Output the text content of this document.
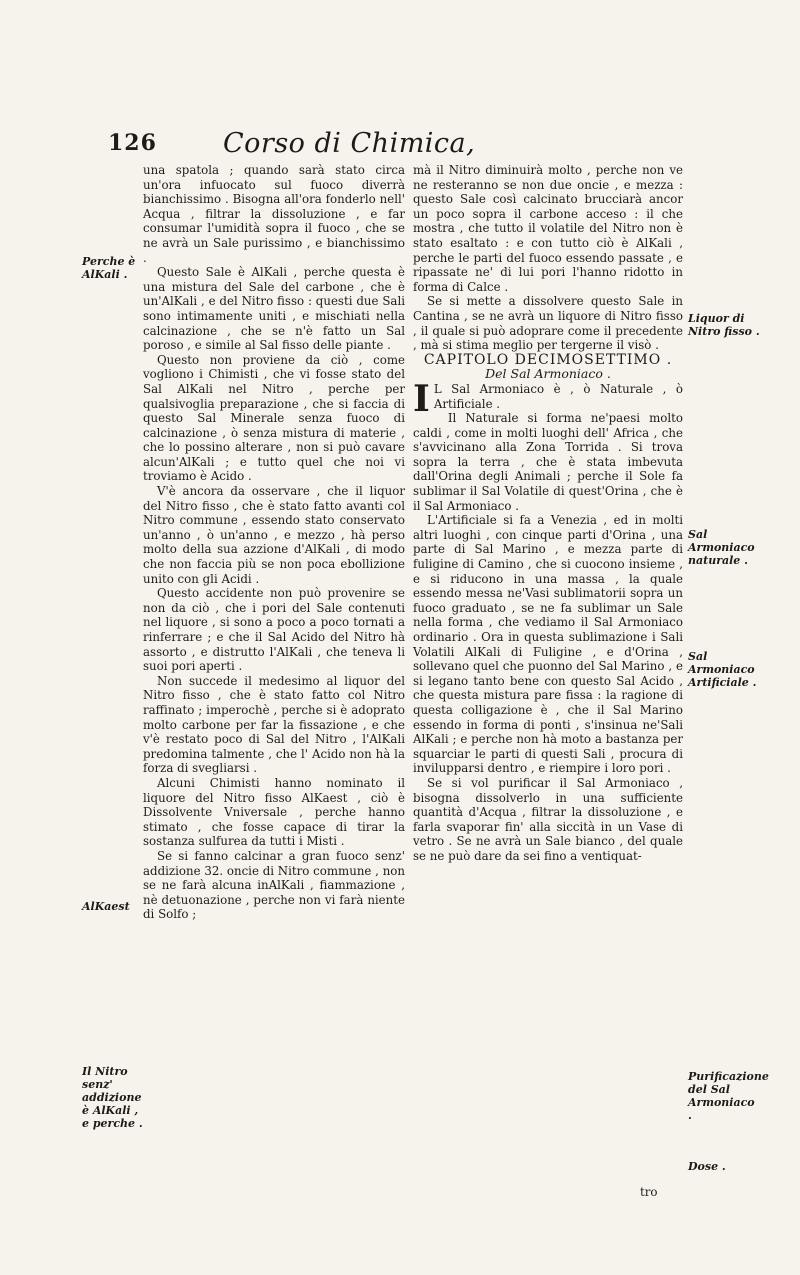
126 Corso di Chimica,

una spatola ; quando sarà stato circa un'ora infuocato sul fuoco diverrà bianchissimo . Bisogna all'ora fonderlo nell' Acqua , filtrar la dissoluzione , e far consumar l'umidità sopra il fuoco , che se ne avrà un Sale purissimo , e bianchissimo .

Questo Sale è AlKali , perche questa è una mistura del Sale del carbone , che è un'AlKali , e del Nitro fisso : questi due Sali sono intimamente uniti , e mischiati nella calcinazione , che se n'è fatto un Sal poroso , e simile al Sal fisso delle piante .

Questo non proviene da ciò , come vogliono i Chimisti , che vi fosse stato del Sal AlKali nel Nitro , perche per qualsivoglia preparazione , che si faccia di questo Sal Minerale senza fuoco di calcinazione , ò senza mistura di materie , che lo possino alterare , non si può cavare alcun'AlKali ; e tutto quel che noi vi troviamo è Acido .

V'è ancora da osservare , che il liquor del Nitro fisso , che è stato fatto avanti col Nitro commune , essendo stato conservato un'anno , ò un'anno , e mezzo , hà perso molto della sua azzione d'AlKali , di modo che non faccia più se non poca ebollizione unito con gli Acidi .

Questo accidente non può provenire se non da ciò , che i pori del Sale contenuti nel liquore , si sono a poco a poco tornati a rinferrare ; e che il Sal Acido del Nitro hà assorto , e distrutto l'AlKali , che teneva li suoi pori aperti .

Non succede il medesimo al liquor del Nitro fisso , che è stato fatto col Nitro raffinato ; imperochè , perche si è adoprato molto carbone per far la fissazione , e che v'è restato poco di Sal del Nitro , l'AlKali predomina talmente , che l' Acido non hà la forza di svegliarsi .

Alcuni Chimisti hanno nominato il liquore del Nitro fisso AlKaest , ciò è Dissolvente Vniversale , perche hanno stimato , che fosse capace di tirar la sostanza sulfurea da tutti i Misti .

Se si fanno calcinar a gran fuoco senz' addizione 32. oncie di Nitro commune , non se ne farà alcuna inAlKali , fiammazione , nè detuonazione , perche non vi farà niente di Solfo ;

mà il Nitro diminuirà molto , perche non ve ne resteranno se non due oncie , e mezza : questo Sale così calcinato brucciarà ancor un poco sopra il carbone acceso : il che mostra , che tutto il volatile del Nitro non è stato esaltato : e con tutto ciò è AlKali , perche le parti del fuoco essendo passate , e ripassate ne' di lui pori l'hanno ridotto in forma di Calce .

Se si mette a dissolvere questo Sale in Cantina , se ne avrà un liquore di Nitro fisso , il quale si può adoprare come il precedente , mà si stima meglio per tergerne il visò .

CAPITOLO DECIMOSETTIMO .

Del Sal Armoniaco .

I L Sal Armoniaco è , ò Naturale , ò Artificiale .

Il Naturale si forma ne'paesi molto caldi , come in molti luoghi dell' Africa , che s'avvicinano alla Zona Torrida . Si trova sopra la terra , che è stata imbevuta dall'Orina degli Animali ; perche il Sole fa sublimar il Sal Volatile di quest'Orina , che è il Sal Armoniaco .

L'Artificiale si fa a Venezia , ed in molti altri luoghi , con cinque parti d'Orina , una parte di Sal Marino , e mezza parte di fuligine di Camino , che si cuocono insieme , e si riducono in una massa , la quale essendo messa ne'Vasi sublimatorii sopra un fuoco graduato , se ne fa sublimar un Sale nella forma , che vediamo il Sal Armoniaco ordinario . Ora in questa sublimazione i Sali Volatili AlKali di Fuligine , e d'Orina , sollevano quel che puonno del Sal Marino , e si legano tanto bene con questo Sal Acido , che questa mistura pare fissa : la ragione di questa colligazione è , che il Sal Marino essendo in forma di ponti , s'insinua ne'Sali AlKali ; e perche non hà moto a bastanza per squarciar le parti di questi Sali , procura di invilupparsi dentro , e riempire i loro pori .

Se si vol purificar il Sal Armoniaco , bisogna dissolverlo in una sufficiente quantità d'Acqua , filtrar la dissoluzione , e farla svaporar fin' alla siccità in un Vase di vetro . Se ne avrà un Sale bianco , del quale se ne può dare da sei fino a ventiquat-

Perche è AlKali .
AlKaest
Il Nitro senz' addizione è AlKali , e perche .
Liquor di Nitro fisso .
Sal Armoniaco naturale .
Sal Armoniaco Artificiale .
Purificazione del Sal Armoniaco .
Dose .
tro
